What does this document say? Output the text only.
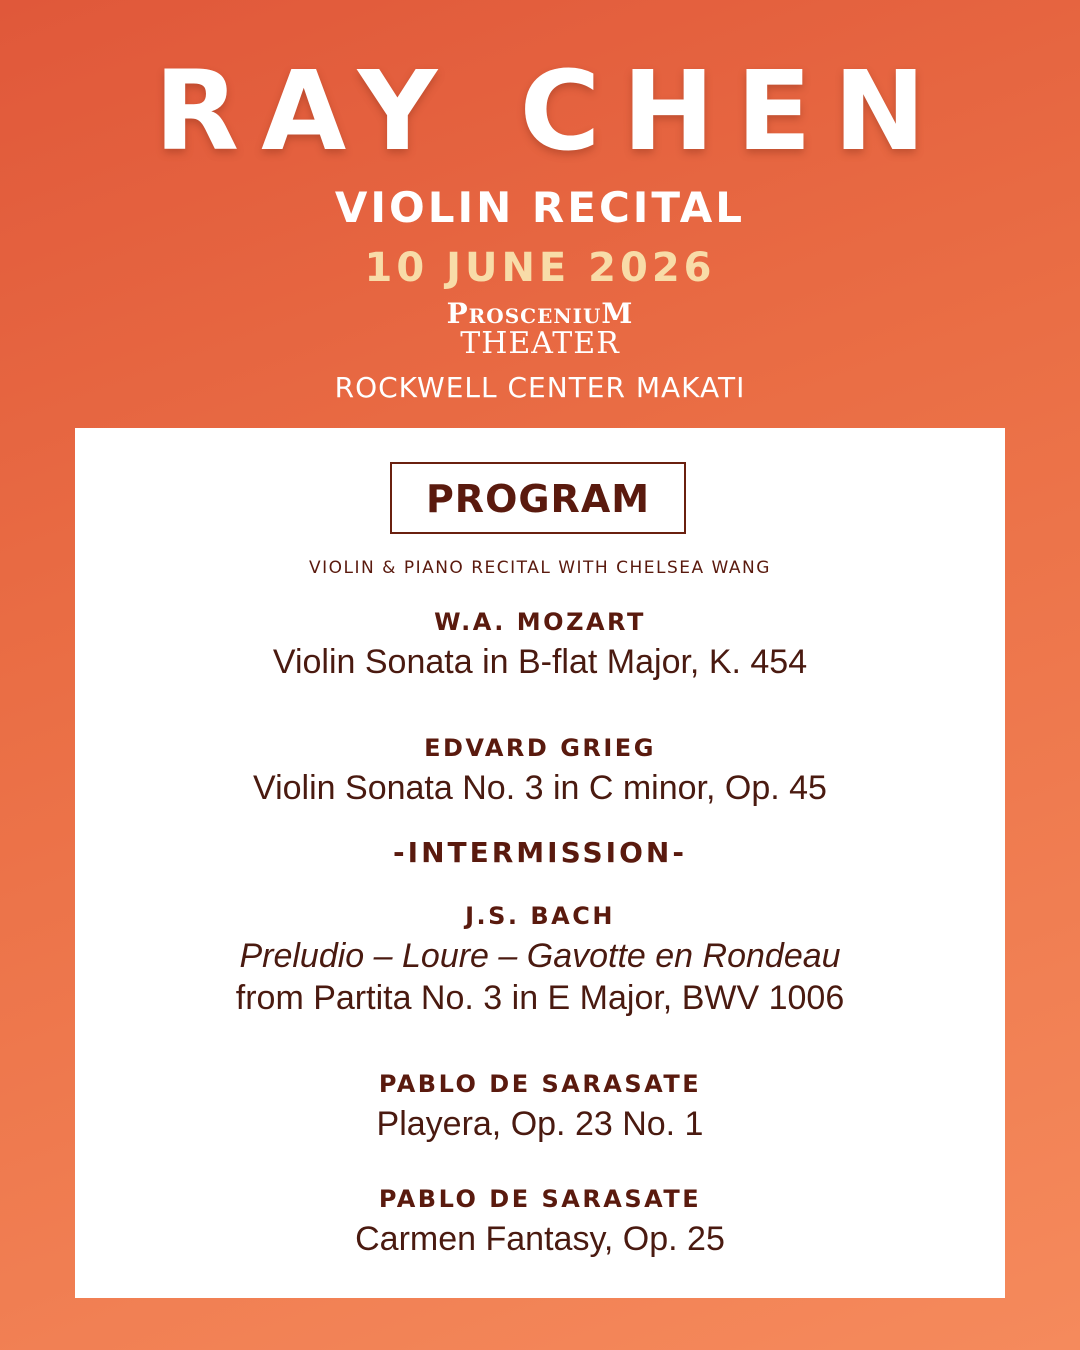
RAY CHEN
VIOLIN RECITAL
10 JUNE 2026
ProsceniuM
THEATER
ROCKWELL CENTER MAKATI
PROGRAM
VIOLIN & PIANO RECITAL WITH CHELSEA WANG
W.A. MOZART
Violin Sonata in B-flat Major, K. 454
EDVARD GRIEG
Violin Sonata No. 3 in C minor, Op. 45
-INTERMISSION-
J.S. BACH
Preludio – Loure – Gavotte en Rondeau
from Partita No. 3 in E Major, BWV 1006
PABLO DE SARASATE
Playera, Op. 23 No. 1
PABLO DE SARASATE
Carmen Fantasy, Op. 25
